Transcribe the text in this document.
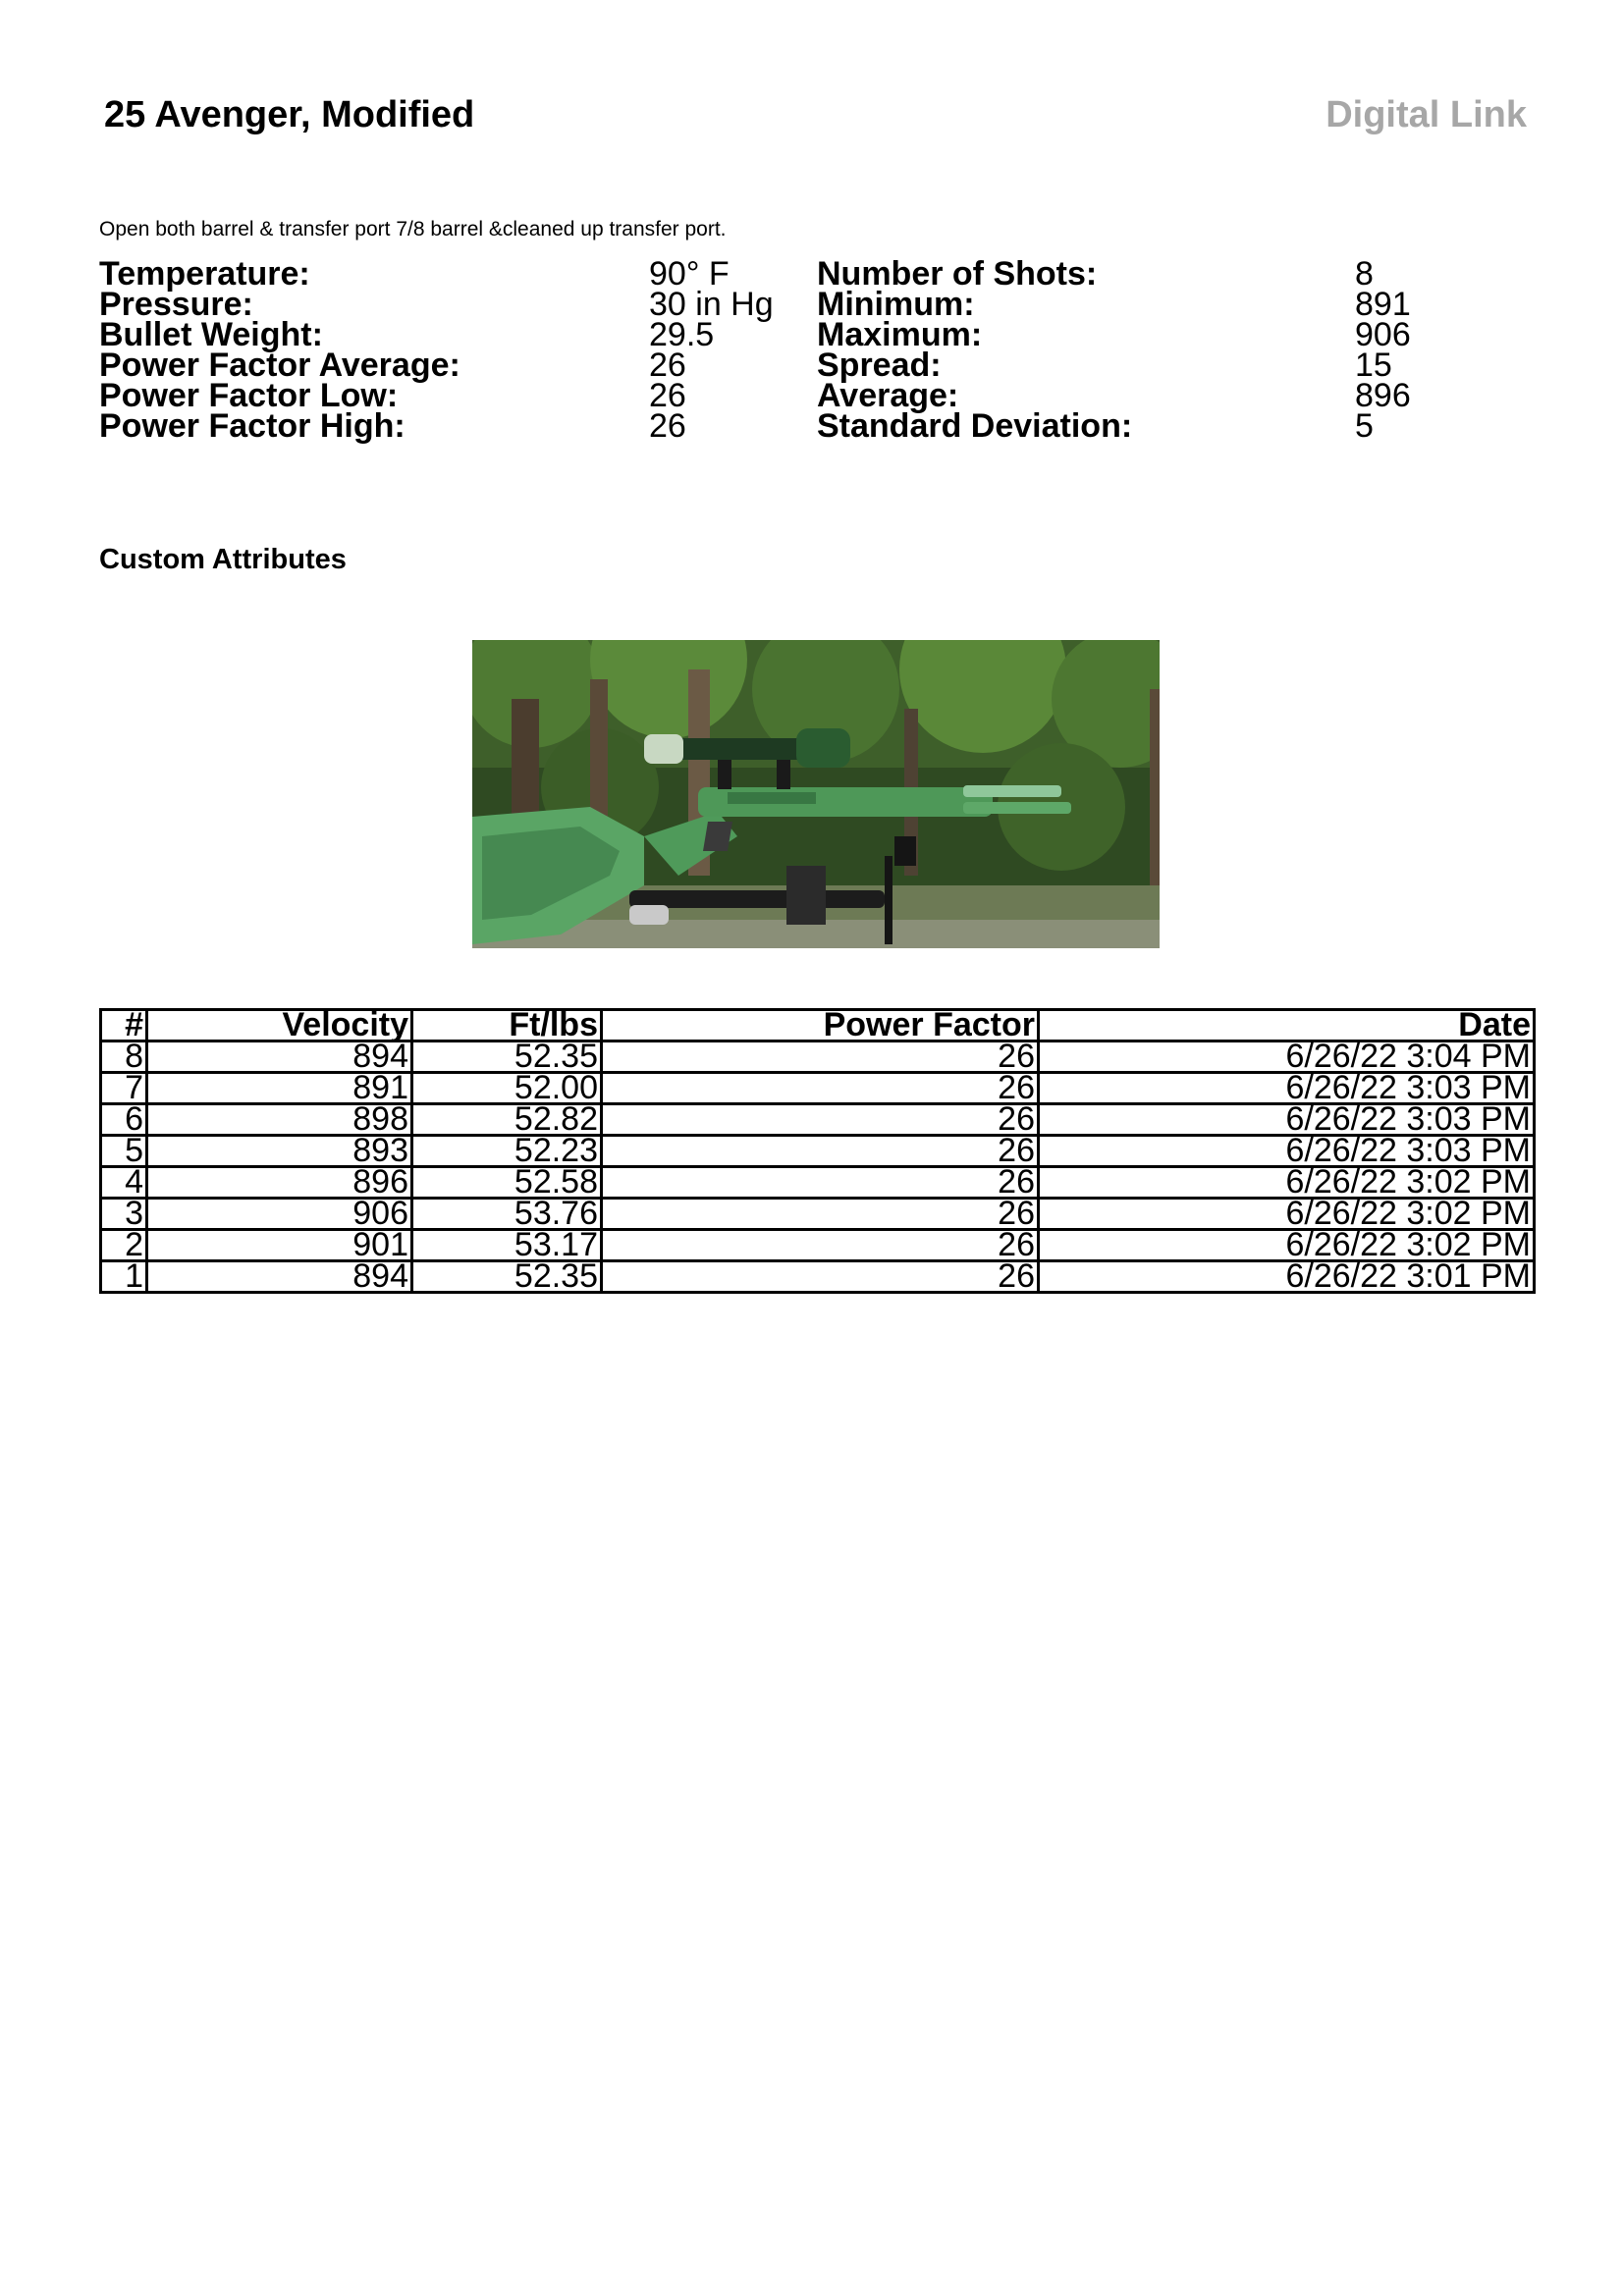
25 Avenger, Modified	Digital Link
Open both barrel & transfer port 7/8 barrel &cleaned up transfer port.
Temperature:	90° F
Pressure:	30 in Hg
Bullet Weight:	29.5
Power Factor Average:	26
Power Factor Low:	26
Power Factor High:	26
Number of Shots:	8
Minimum:	891
Maximum:	906
Spread:	15
Average:	896
Standard Deviation:	5
Custom Attributes
#	Velocity	Ft/lbs	Power Factor	Date
8	894	52.35	26	6/26/22 3:04 PM
7	891	52.00	26	6/26/22 3:03 PM
6	898	52.82	26	6/26/22 3:03 PM
5	893	52.23	26	6/26/22 3:03 PM
4	896	52.58	26	6/26/22 3:02 PM
3	906	53.76	26	6/26/22 3:02 PM
2	901	53.17	26	6/26/22 3:02 PM
1	894	52.35	26	6/26/22 3:01 PM
